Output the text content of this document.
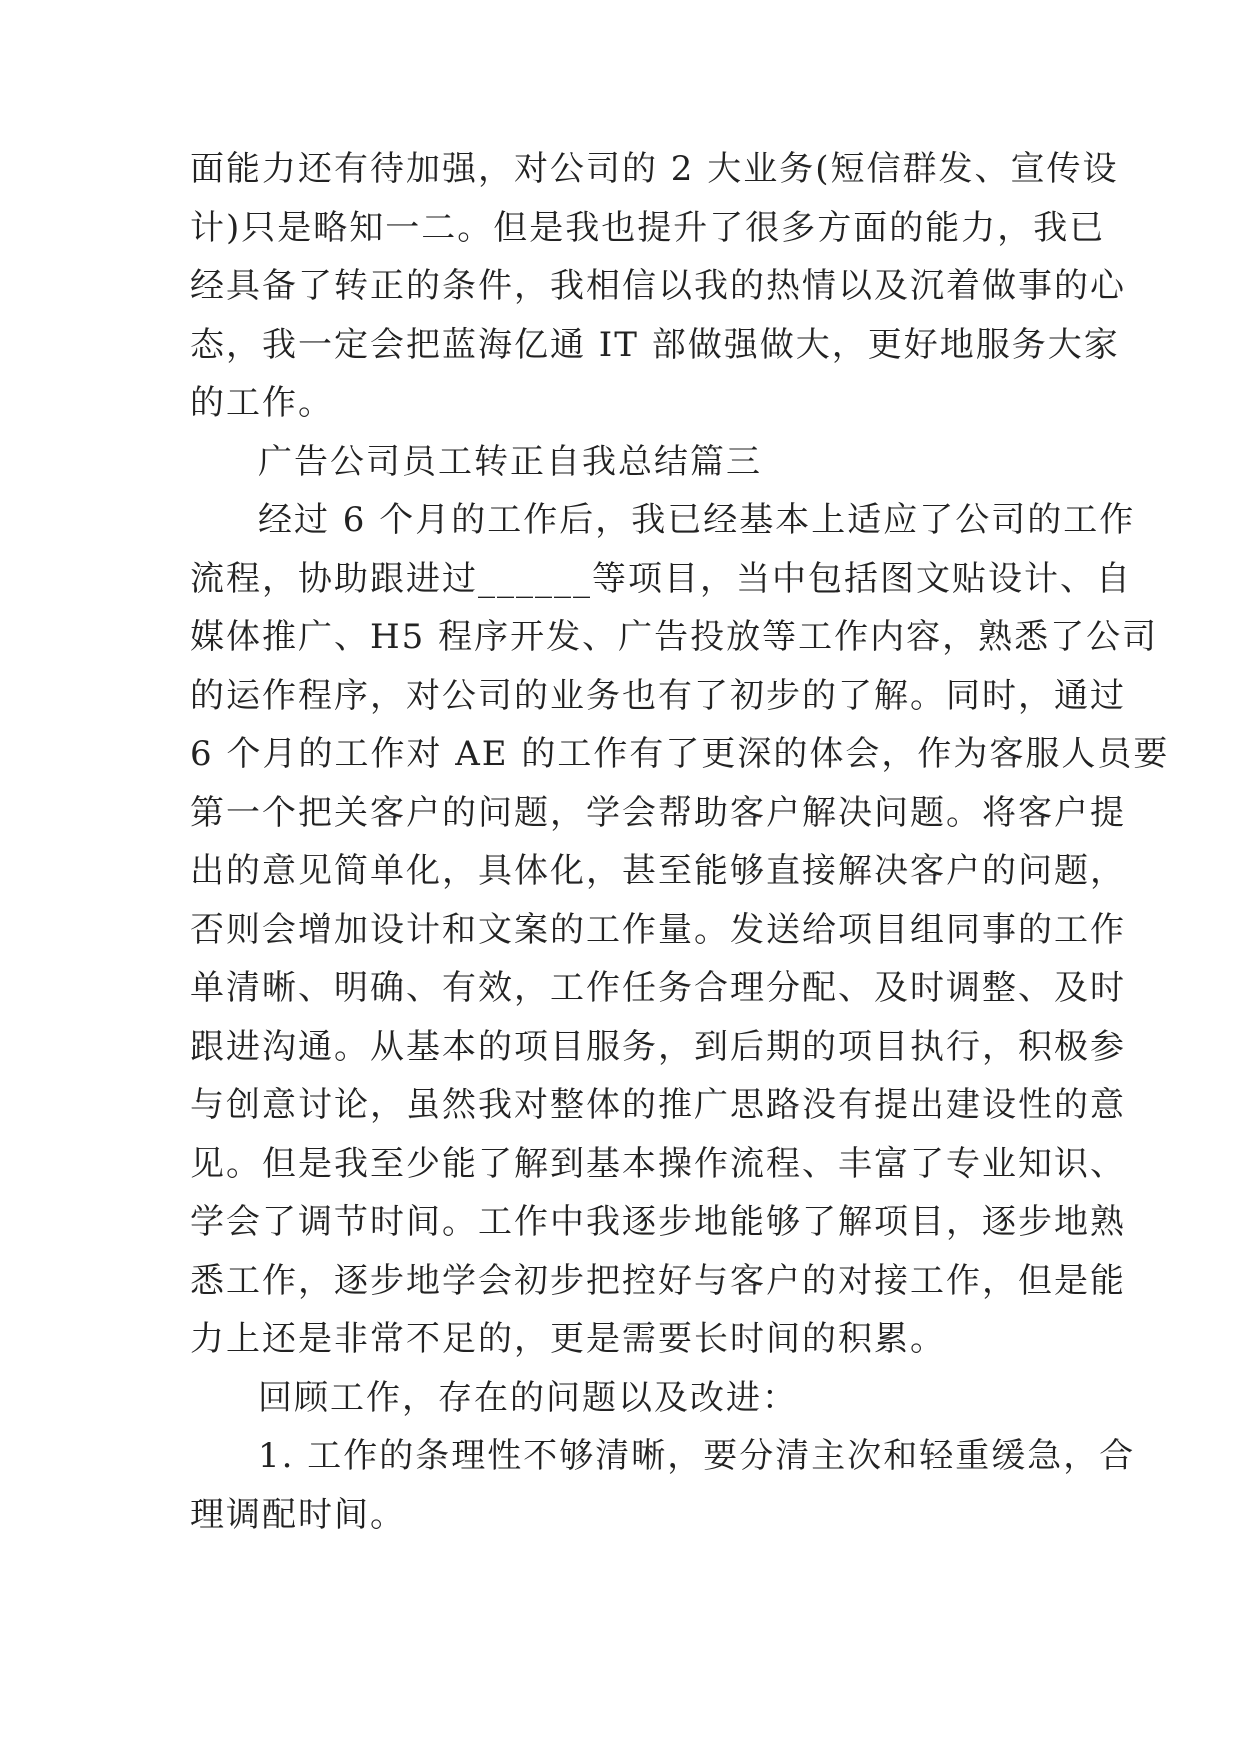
面能力还有待加强，对公司的 2 大业务(短信群发、宣传设
计)只是略知一二。但是我也提升了很多方面的能力，我已
经具备了转正的条件，我相信以我的热情以及沉着做事的心
态，我一定会把蓝海亿通 IT 部做强做大，更好地服务大家
的工作。
广告公司员工转正自我总结篇三
经过 6 个月的工作后，我已经基本上适应了公司的工作
流程，协助跟进过______等项目，当中包括图文贴设计、自
媒体推广、H5 程序开发、广告投放等工作内容，熟悉了公司
的运作程序，对公司的业务也有了初步的了解。同时，通过
6 个月的工作对 AE 的工作有了更深的体会，作为客服人员要
第一个把关客户的问题，学会帮助客户解决问题。将客户提
出的意见简单化，具体化，甚至能够直接解决客户的问题，
否则会增加设计和文案的工作量。发送给项目组同事的工作
单清晰、明确、有效，工作任务合理分配、及时调整、及时
跟进沟通。从基本的项目服务，到后期的项目执行，积极参
与创意讨论，虽然我对整体的推广思路没有提出建设性的意
见。但是我至少能了解到基本操作流程、丰富了专业知识、
学会了调节时间。工作中我逐步地能够了解项目，逐步地熟
悉工作，逐步地学会初步把控好与客户的对接工作，但是能
力上还是非常不足的，更是需要长时间的积累。
回顾工作，存在的问题以及改进：
1. 工作的条理性不够清晰，要分清主次和轻重缓急，合
理调配时间。
